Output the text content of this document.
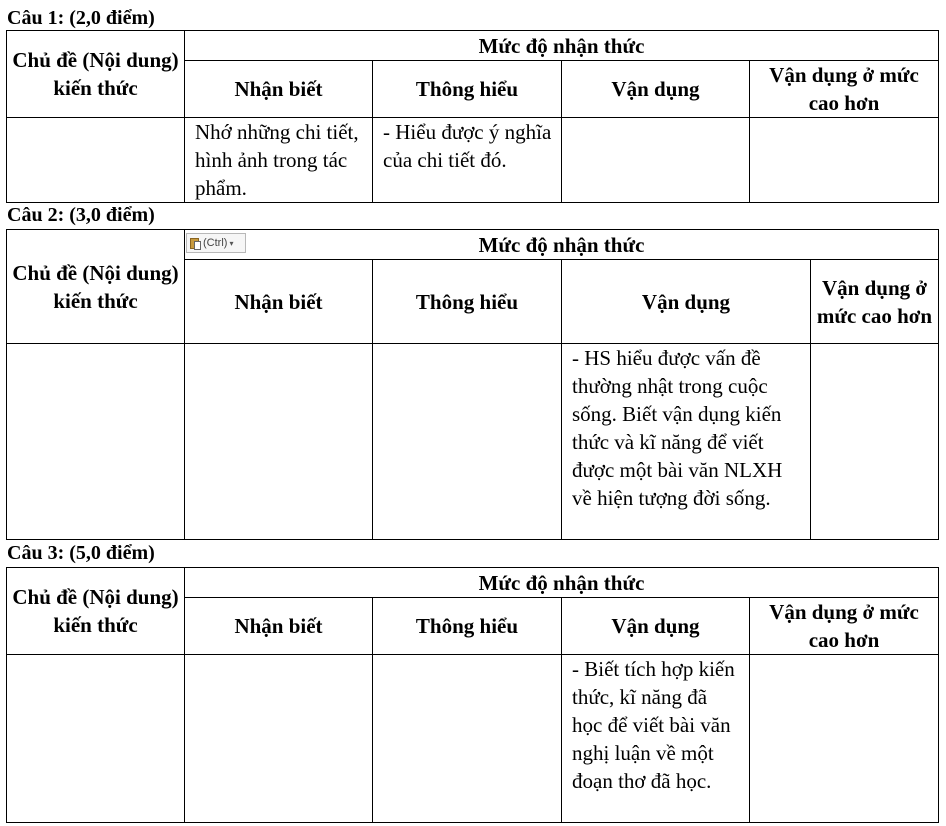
Câu 1: (2,0 điểm)
Chủ đề (Nội dung) kiến thức	Mức độ nhận thức			
	Nhận biết	Thông hiểu	Vận dụng	Vận dụng ở mức cao hơn
	Nhớ những chi tiết, hình ảnh trong tác phẩm.	- Hiểu được ý nghĩa của chi tiết đó.		
Câu 2: (3,0 điểm)
Chủ đề (Nội dung) kiến thức	Mức độ nhận thức			
	Nhận biết	Thông hiểu	Vận dụng	Vận dụng ở mức cao hơn
			- HS hiểu được vấn đề thường nhật trong cuộc sống. Biết vận dụng kiến thức và kĩ năng để viết được một bài văn NLXH về hiện tượng đời sống.	
(Ctrl) ▾
Câu 3: (5,0 điểm)
Chủ đề (Nội dung) kiến thức	Mức độ nhận thức			
	Nhận biết	Thông hiểu	Vận dụng	Vận dụng ở mức cao hơn
			- Biết tích hợp kiến thức, kĩ năng đã học để viết bài văn nghị luận về một đoạn thơ đã học.	
